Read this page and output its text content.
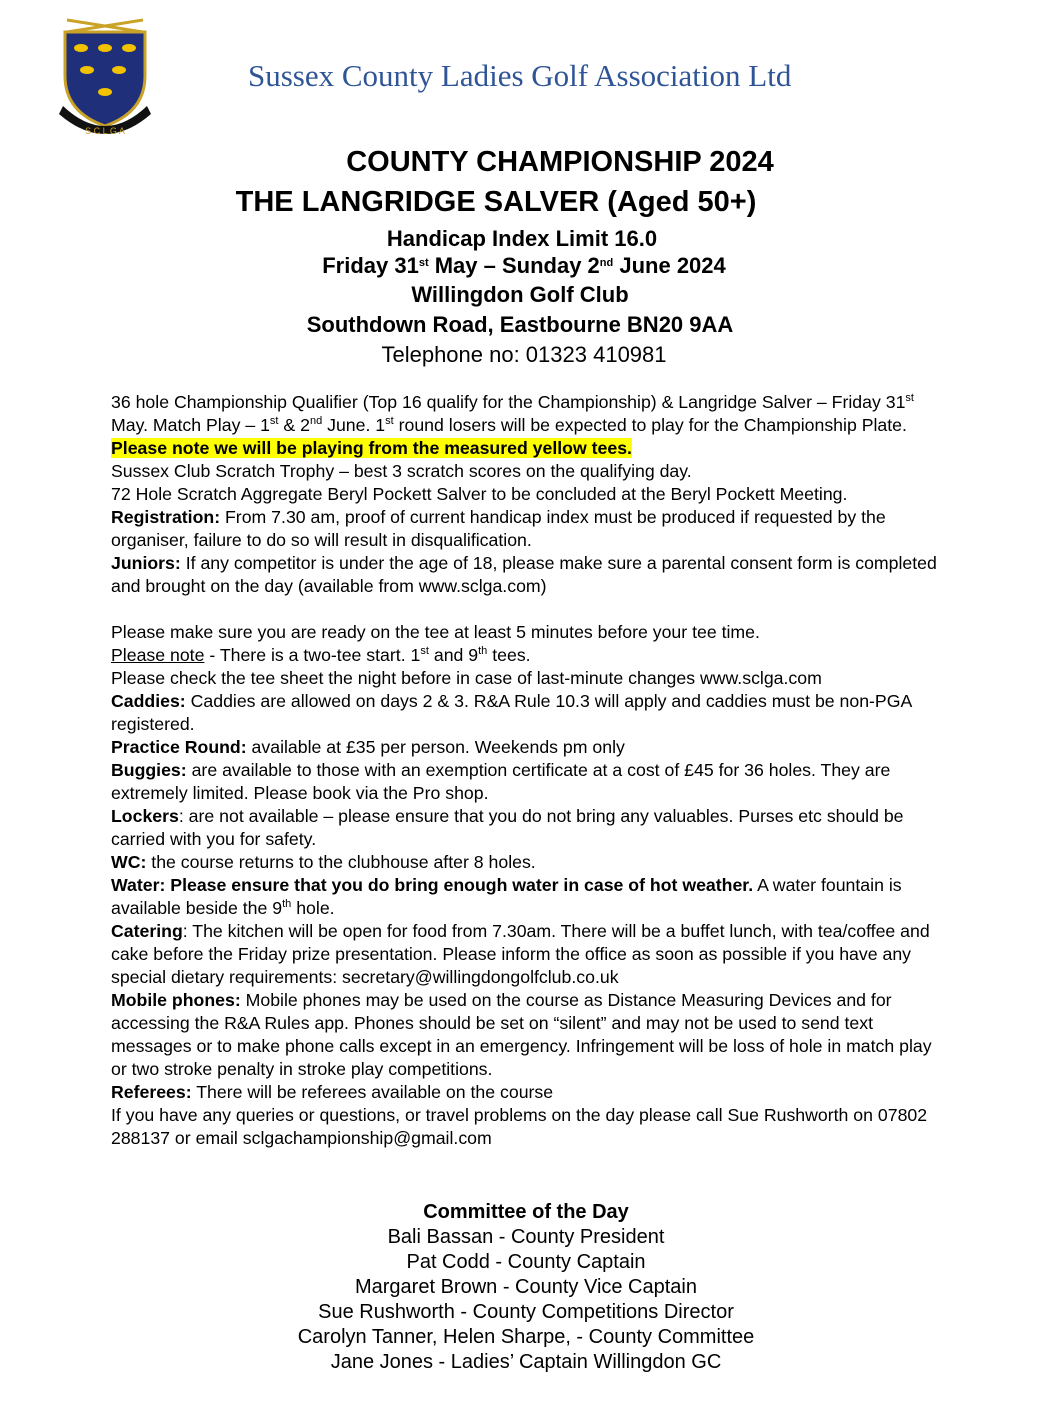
S C L G A
Sussex County Ladies Golf Association Ltd
COUNTY CHAMPIONSHIP 2024
THE LANGRIDGE SALVER (Aged 50+)
Handicap Index Limit 16.0
Friday 31st May – Sunday 2nd June 2024
Willingdon Golf Club
Southdown Road, Eastbourne BN20 9AA
Telephone no: 01323 410981

36 hole Championship Qualifier (Top 16 qualify for the Championship) & Langridge Salver – Friday 31st May. Match Play – 1st & 2nd June. 1st round losers will be expected to play for the Championship Plate. Please note we will be playing from the measured yellow tees.

Sussex Club Scratch Trophy – best 3 scratch scores on the qualifying day.

72 Hole Scratch Aggregate Beryl Pockett Salver to be concluded at the Beryl Pockett Meeting.

Registration: From 7.30 am, proof of current handicap index must be produced if requested by the organiser, failure to do so will result in disqualification.

Juniors: If any competitor is under the age of 18, please make sure a parental consent form is completed and brought on the day (available from www.sclga.com)

Please make sure you are ready on the tee at least 5 minutes before your tee time.

Please note - There is a two-tee start. 1st and 9th tees.

Please check the tee sheet the night before in case of last-minute changes www.sclga.com

Caddies: Caddies are allowed on days 2 & 3. R&A Rule 10.3 will apply and caddies must be non-PGA registered.

Practice Round: available at £35 per person. Weekends pm only

Buggies: are available to those with an exemption certificate at a cost of £45 for 36 holes. They are extremely limited. Please book via the Pro shop.

Lockers: are not available – please ensure that you do not bring any valuables. Purses etc should be carried with you for safety.

WC: the course returns to the clubhouse after 8 holes.

Water: Please ensure that you do bring enough water in case of hot weather. A water fountain is available beside the 9th hole.

Catering: The kitchen will be open for food from 7.30am. There will be a buffet lunch, with tea/coffee and cake before the Friday prize presentation. Please inform the office as soon as possible if you have any special dietary requirements: secretary@willingdongolfclub.co.uk

Mobile phones: Mobile phones may be used on the course as Distance Measuring Devices and for accessing the R&A Rules app. Phones should be set on “silent” and may not be used to send text messages or to make phone calls except in an emergency. Infringement will be loss of hole in match play or two stroke penalty in stroke play competitions.

Referees: There will be referees available on the course

If you have any queries or questions, or travel problems on the day please call Sue Rushworth on 07802 288137 or email sclgachampionship@gmail.com

Committee of the Day
Bali Bassan - County President
Pat Codd - County Captain
Margaret Brown - County Vice Captain
Sue Rushworth - County Competitions Director
Carolyn Tanner, Helen Sharpe, - County Committee
Jane Jones - Ladies’ Captain Willingdon GC
